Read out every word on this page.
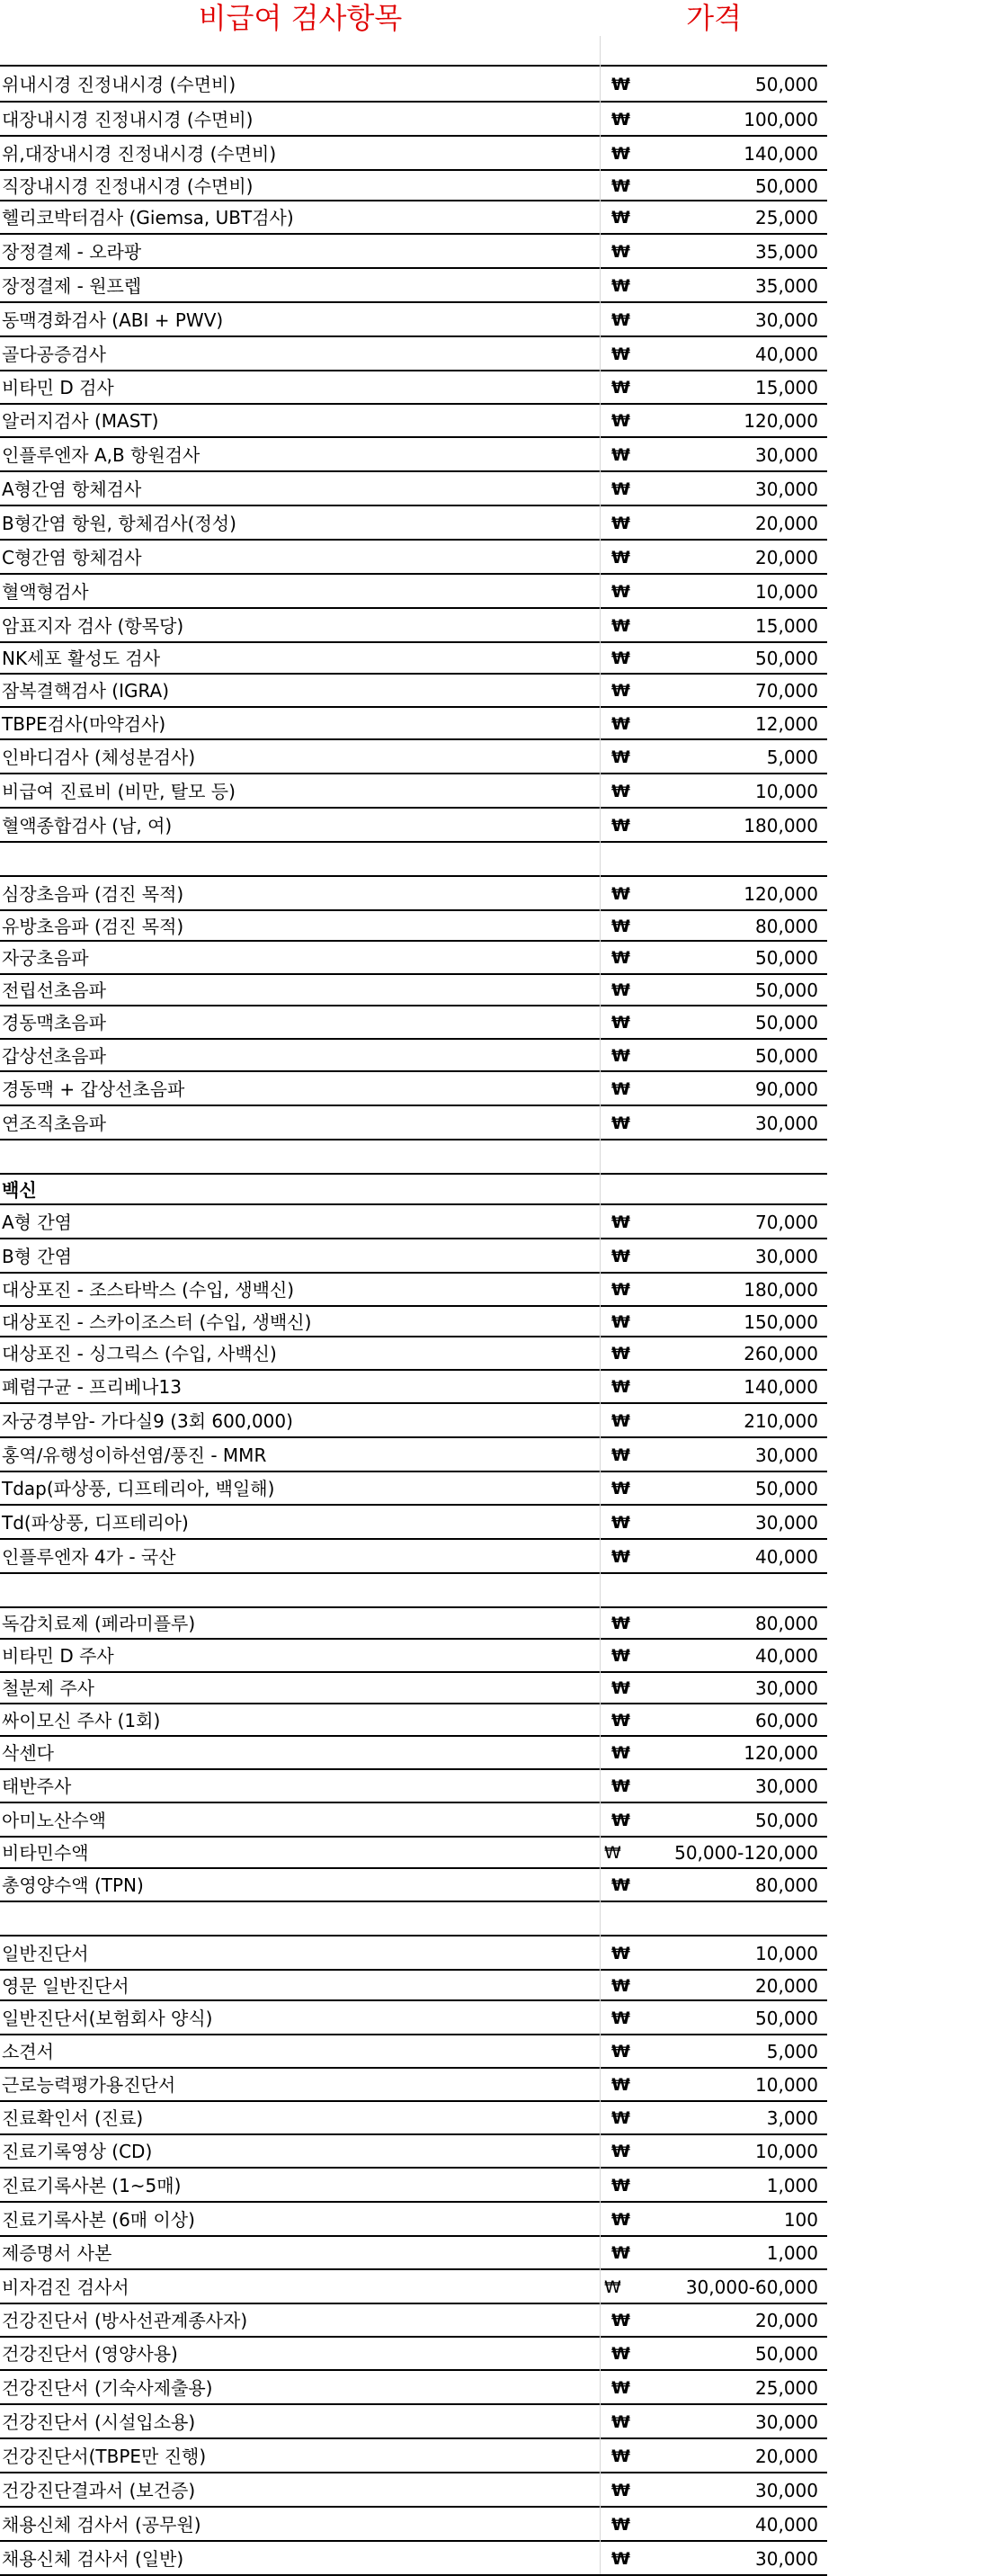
비급여 검사항목	가격
위내시경 진정내시경 (수면비)	₩	50,000
대장내시경 진정내시경 (수면비)	₩	100,000
위,대장내시경 진정내시경 (수면비)	₩	140,000
직장내시경 진정내시경 (수면비)	₩	50,000
헬리코박터검사 (Giemsa, UBT검사)	₩	25,000
장정결제 - 오라팡	₩	35,000
장정결제 - 원프렙	₩	35,000
동맥경화검사 (ABI + PWV)	₩	30,000
골다공증검사	₩	40,000
비타민 D 검사	₩	15,000
알러지검사 (MAST)	₩	120,000
인플루엔자 A,B 항원검사	₩	30,000
A형간염 항체검사	₩	30,000
B형간염 항원, 항체검사(정성)	₩	20,000
C형간염 항체검사	₩	20,000
혈액형검사	₩	10,000
암표지자 검사 (항목당)	₩	15,000
NK세포 활성도 검사	₩	50,000
잠복결핵검사 (IGRA)	₩	70,000
TBPE검사(마약검사)	₩	12,000
인바디검사 (체성분검사)	₩	5,000
비급여 진료비 (비만, 탈모 등)	₩	10,000
혈액종합검사 (남, 여)	₩	180,000
심장초음파 (검진 목적)	₩	120,000
유방초음파 (검진 목적)	₩	80,000
자궁초음파	₩	50,000
전립선초음파	₩	50,000
경동맥초음파	₩	50,000
갑상선초음파	₩	50,000
경동맥 + 갑상선초음파	₩	90,000
연조직초음파	₩	30,000
백신
A형 간염	₩	70,000
B형 간염	₩	30,000
대상포진 - 조스타박스 (수입, 생백신)	₩	180,000
대상포진 - 스카이조스터 (수입, 생백신)	₩	150,000
대상포진 - 싱그릭스 (수입, 사백신)	₩	260,000
폐렴구균 - 프리베나13	₩	140,000
자궁경부암- 가다실9 (3회 600,000)	₩	210,000
홍역/유행성이하선염/풍진 - MMR	₩	30,000
Tdap(파상풍, 디프테리아, 백일해)	₩	50,000
Td(파상풍, 디프테리아)	₩	30,000
인플루엔자 4가 - 국산	₩	40,000
독감치료제 (페라미플루)	₩	80,000
비타민 D 주사	₩	40,000
철분제 주사	₩	30,000
싸이모신 주사 (1회)	₩	60,000
삭센다	₩	120,000
태반주사	₩	30,000
아미노산수액	₩	50,000
비타민수액	₩	50,000-120,000
총영양수액 (TPN)	₩	80,000
일반진단서	₩	10,000
영문 일반진단서	₩	20,000
일반진단서(보험회사 양식)	₩	50,000
소견서	₩	5,000
근로능력평가용진단서	₩	10,000
진료확인서 (진료)	₩	3,000
진료기록영상 (CD)	₩	10,000
진료기록사본 (1~5매)	₩	1,000
진료기록사본 (6매 이상)	₩	100
제증명서 사본	₩	1,000
비자검진 검사서	₩	30,000-60,000
건강진단서 (방사선관계종사자)	₩	20,000
건강진단서 (영양사용)	₩	50,000
건강진단서 (기숙사제출용)	₩	25,000
건강진단서 (시설입소용)	₩	30,000
건강진단서(TBPE만 진행)	₩	20,000
건강진단결과서 (보건증)	₩	30,000
채용신체 검사서 (공무원)	₩	40,000
채용신체 검사서 (일반)	₩	30,000
